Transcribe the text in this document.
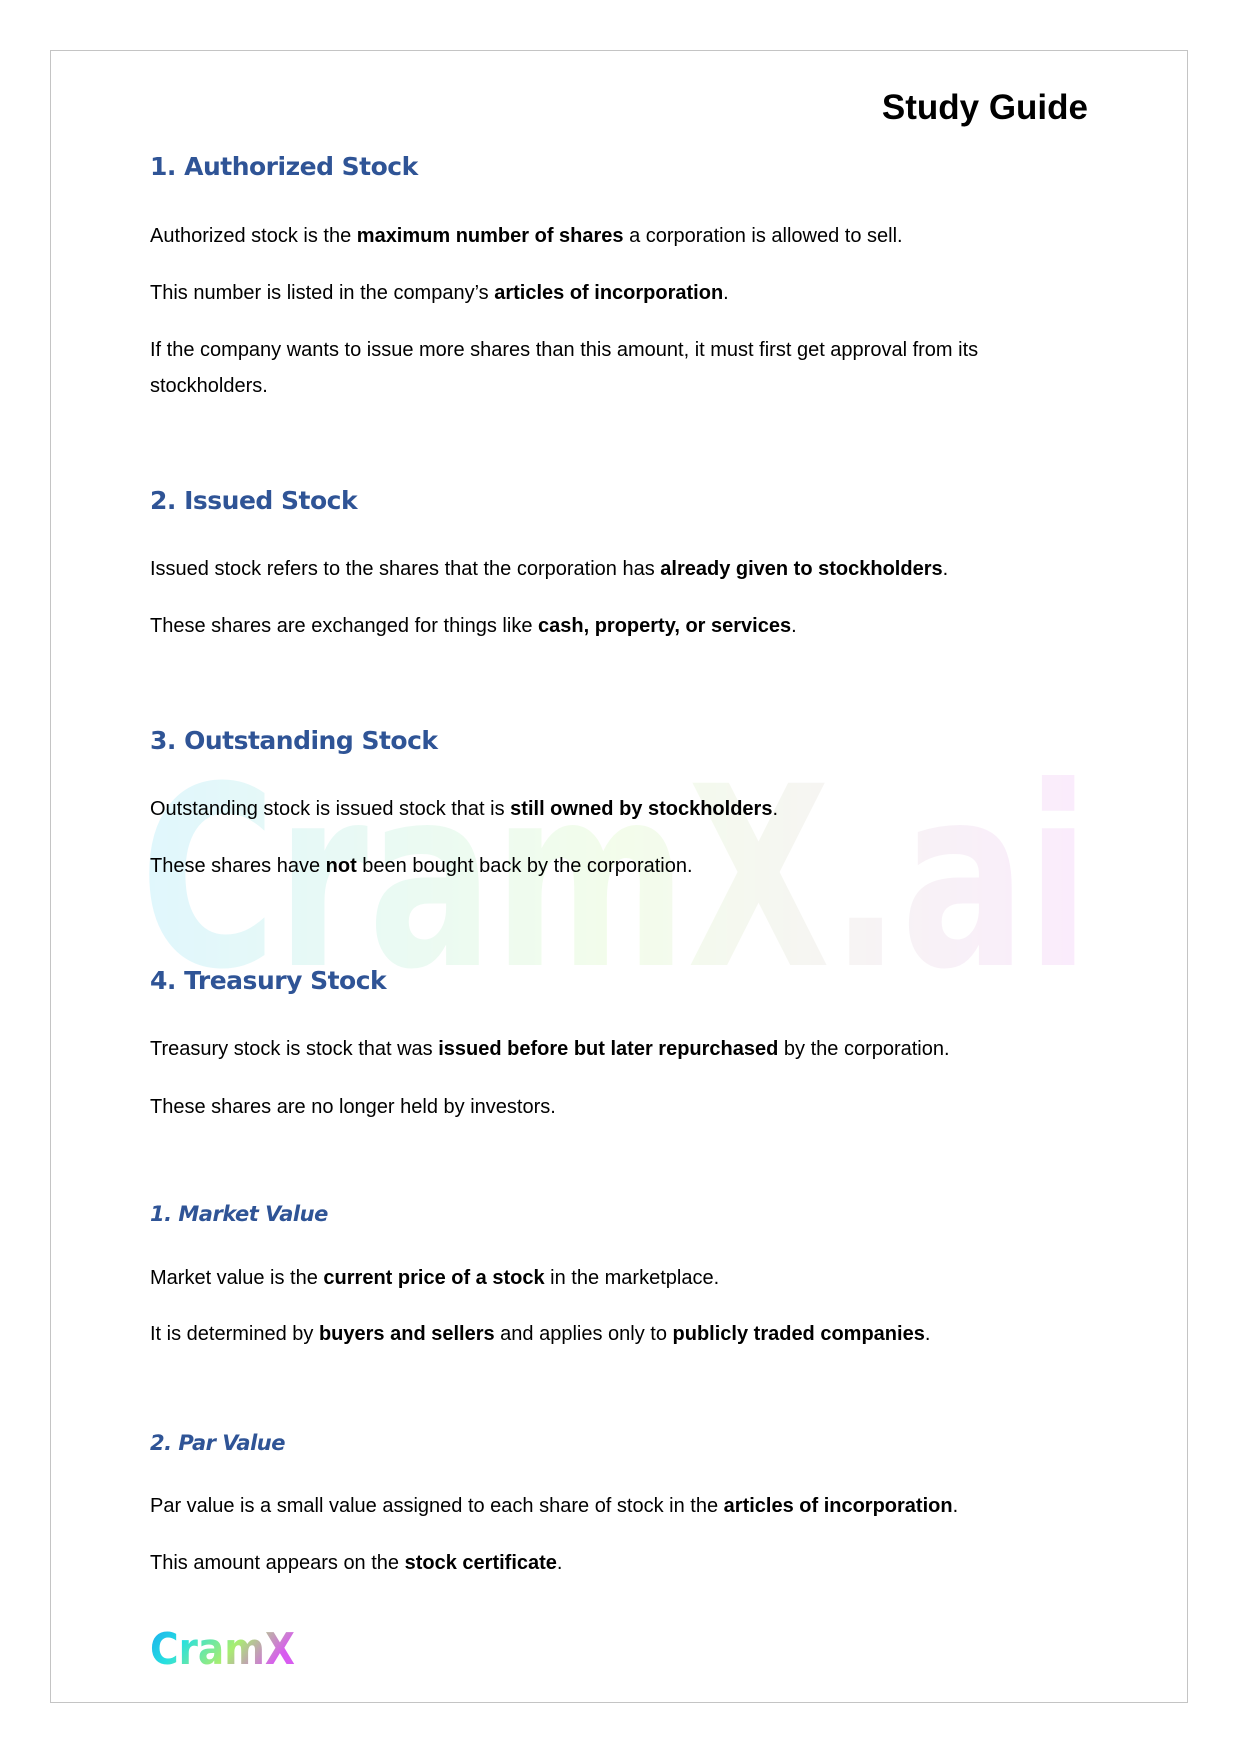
CramX.ai
Study Guide
1. Authorized Stock
Authorized stock is the maximum number of shares a corporation is allowed to sell.
This number is listed in the company’s articles of incorporation.
If the company wants to issue more shares than this amount, it must first get approval from its
stockholders.
2. Issued Stock
Issued stock refers to the shares that the corporation has already given to stockholders.
These shares are exchanged for things like cash, property, or services.
3. Outstanding Stock
Outstanding stock is issued stock that is still owned by stockholders.
These shares have not been bought back by the corporation.
4. Treasury Stock
Treasury stock is stock that was issued before but later repurchased by the corporation.
These shares are no longer held by investors.
1. Market Value
Market value is the current price of a stock in the marketplace.
It is determined by buyers and sellers and applies only to publicly traded companies.
2. Par Value
Par value is a small value assigned to each share of stock in the articles of incorporation.
This amount appears on the stock certificate.
CramX
